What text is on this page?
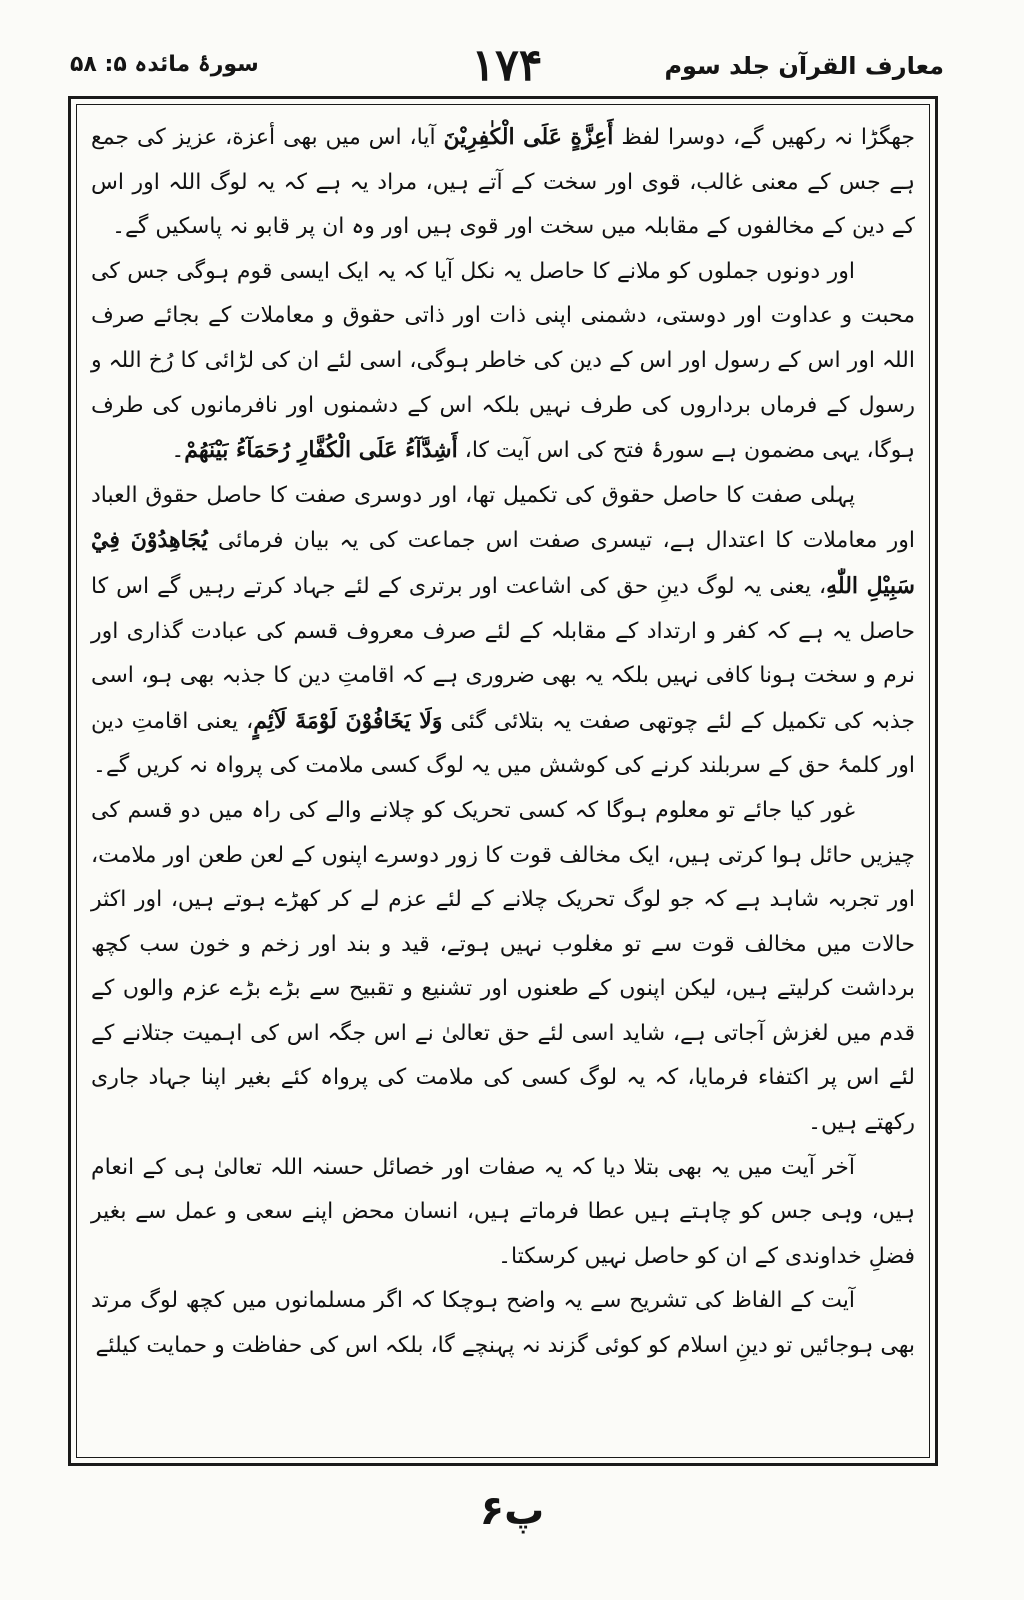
معارف القرآن جلد سوم
۱۷۴
سورۂ مائدہ ۵: ۵۸

جھگڑا نہ رکھیں گے، دوسرا لفظ أَعِزَّةٍ عَلَى الْكٰفِرِيْنَ آیا، اس میں بھی أعزة، عزیز کی جمع ہے جس کے معنی غالب، قوی اور سخت کے آتے ہیں، مراد یہ ہے کہ یہ لوگ اللہ اور اس کے دین کے مخالفوں کے مقابلہ میں سخت اور قوی ہیں اور وہ ان پر قابو نہ پاسکیں گے۔

اور دونوں جملوں کو ملانے کا حاصل یہ نکل آیا کہ یہ ایک ایسی قوم ہوگی جس کی محبت و عداوت اور دوستی، دشمنی اپنی ذات اور ذاتی حقوق و معاملات کے بجائے صرف اللہ اور اس کے رسول اور اس کے دین کی خاطر ہوگی، اسی لئے ان کی لڑائی کا رُخ اللہ و رسول کے فرماں برداروں کی طرف نہیں بلکہ اس کے دشمنوں اور نافرمانوں کی طرف ہوگا، یہی مضمون ہے سورۂ فتح کی اس آیت کا، أَشِدَّآءُ عَلَى الْكُفَّارِ رُحَمَآءُ بَيْنَهُمْ۔

پہلی صفت کا حاصل حقوق کی تکمیل تھا، اور دوسری صفت کا حاصل حقوق العباد اور معاملات کا اعتدال ہے، تیسری صفت اس جماعت کی یہ بیان فرمائی يُجَاهِدُوْنَ فِيْ سَبِيْلِ اللّٰهِ، یعنی یہ لوگ دینِ حق کی اشاعت اور برتری کے لئے جہاد کرتے رہیں گے اس کا حاصل یہ ہے کہ کفر و ارتداد کے مقابلہ کے لئے صرف معروف قسم کی عبادت گذاری اور نرم و سخت ہونا کافی نہیں بلکہ یہ بھی ضروری ہے کہ اقامتِ دین کا جذبہ بھی ہو، اسی جذبہ کی تکمیل کے لئے چوتھی صفت یہ بتلائی گئی وَلَا يَخَافُوْنَ لَوْمَةَ لَآئِمٍ، یعنی اقامتِ دین اور کلمۂ حق کے سربلند کرنے کی کوشش میں یہ لوگ کسی ملامت کی پرواہ نہ کریں گے۔

غور کیا جائے تو معلوم ہوگا کہ کسی تحریک کو چلانے والے کی راہ میں دو قسم کی چیزیں حائل ہوا کرتی ہیں، ایک مخالف قوت کا زور دوسرے اپنوں کے لعن طعن اور ملامت، اور تجربہ شاہد ہے کہ جو لوگ تحریک چلانے کے لئے عزم لے کر کھڑے ہوتے ہیں، اور اکثر حالات میں مخالف قوت سے تو مغلوب نہیں ہوتے، قید و بند اور زخم و خون سب کچھ برداشت کرلیتے ہیں، لیکن اپنوں کے طعنوں اور تشنیع و تقبیح سے بڑے بڑے عزم والوں کے قدم میں لغزش آجاتی ہے، شاید اسی لئے حق تعالیٰ نے اس جگہ اس کی اہمیت جتلانے کے لئے اس پر اکتفاء فرمایا، کہ یہ لوگ کسی کی ملامت کی پرواہ کئے بغیر اپنا جہاد جاری رکھتے ہیں۔

آخر آیت میں یہ بھی بتلا دیا کہ یہ صفات اور خصائل حسنہ اللہ تعالیٰ ہی کے انعام ہیں، وہی جس کو چاہتے ہیں عطا فرماتے ہیں، انسان محض اپنے سعی و عمل سے بغیر فضلِ خداوندی کے ان کو حاصل نہیں کرسکتا۔

آیت کے الفاظ کی تشریح سے یہ واضح ہوچکا کہ اگر مسلمانوں میں کچھ لوگ مرتد بھی ہوجائیں تو دینِ اسلام کو کوئی گزند نہ پہنچے گا، بلکہ اس کی حفاظت و حمایت کیلئے

پ۶
